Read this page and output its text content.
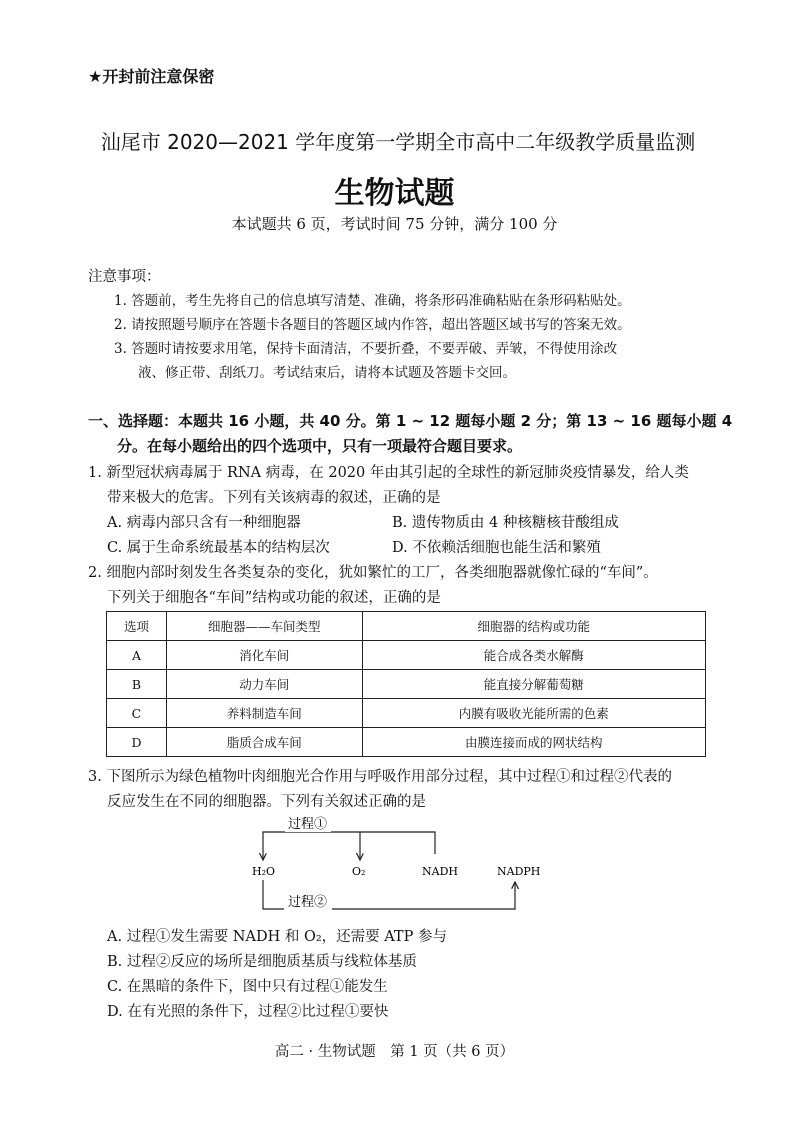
★开封前注意保密
汕尾市 2020—2021 学年度第一学期全市高中二年级教学质量监测
生物试题
本试题共 6 页，考试时间 75 分钟，满分 100 分
注意事项：
1. 答题前，考生先将自己的信息填写清楚、准确，将条形码准确粘贴在条形码粘贴处。
2. 请按照题号顺序在答题卡各题目的答题区域内作答，超出答题区域书写的答案无效。
3. 答题时请按要求用笔，保持卡面清洁，不要折叠，不要弄破、弄皱，不得使用涂改
液、修正带、刮纸刀。考试结束后，请将本试题及答题卡交回。
一、选择题：本题共 16 小题，共 40 分。第 1 ~ 12 题每小题 2 分；第 13 ~ 16 题每小题 4
分。在每小题给出的四个选项中，只有一项最符合题目要求。
1. 新型冠状病毒属于 RNA 病毒，在 2020 年由其引起的全球性的新冠肺炎疫情暴发，给人类
带来极大的危害。下列有关该病毒的叙述，正确的是
A. 病毒内部只含有一种细胞器	B. 遗传物质由 4 种核糖核苷酸组成
C. 属于生命系统最基本的结构层次	D. 不依赖活细胞也能生活和繁殖
2. 细胞内部时刻发生各类复杂的变化，犹如繁忙的工厂，各类细胞器就像忙碌的“车间”。
下列关于细胞各“车间”结构或功能的叙述，正确的是
选项	细胞器——车间类型	细胞器的结构或功能
A	消化车间	能合成各类水解酶
B	动力车间	能直接分解葡萄糖
C	养料制造车间	内膜有吸收光能所需的色素
D	脂质合成车间	由膜连接而成的网状结构
3. 下图所示为绿色植物叶肉细胞光合作用与呼吸作用部分过程，其中过程①和过程②代表的
反应发生在不同的细胞器。下列有关叙述正确的是
过程①
过程②
H₂O	O₂	NADH	NADPH
A. 过程①发生需要 NADH 和 O₂，还需要 ATP 参与
B. 过程②反应的场所是细胞质基质与线粒体基质
C. 在黑暗的条件下，图中只有过程①能发生
D. 在有光照的条件下，过程②比过程①要快
高二 · 生物试题　第 1 页（共 6 页）
